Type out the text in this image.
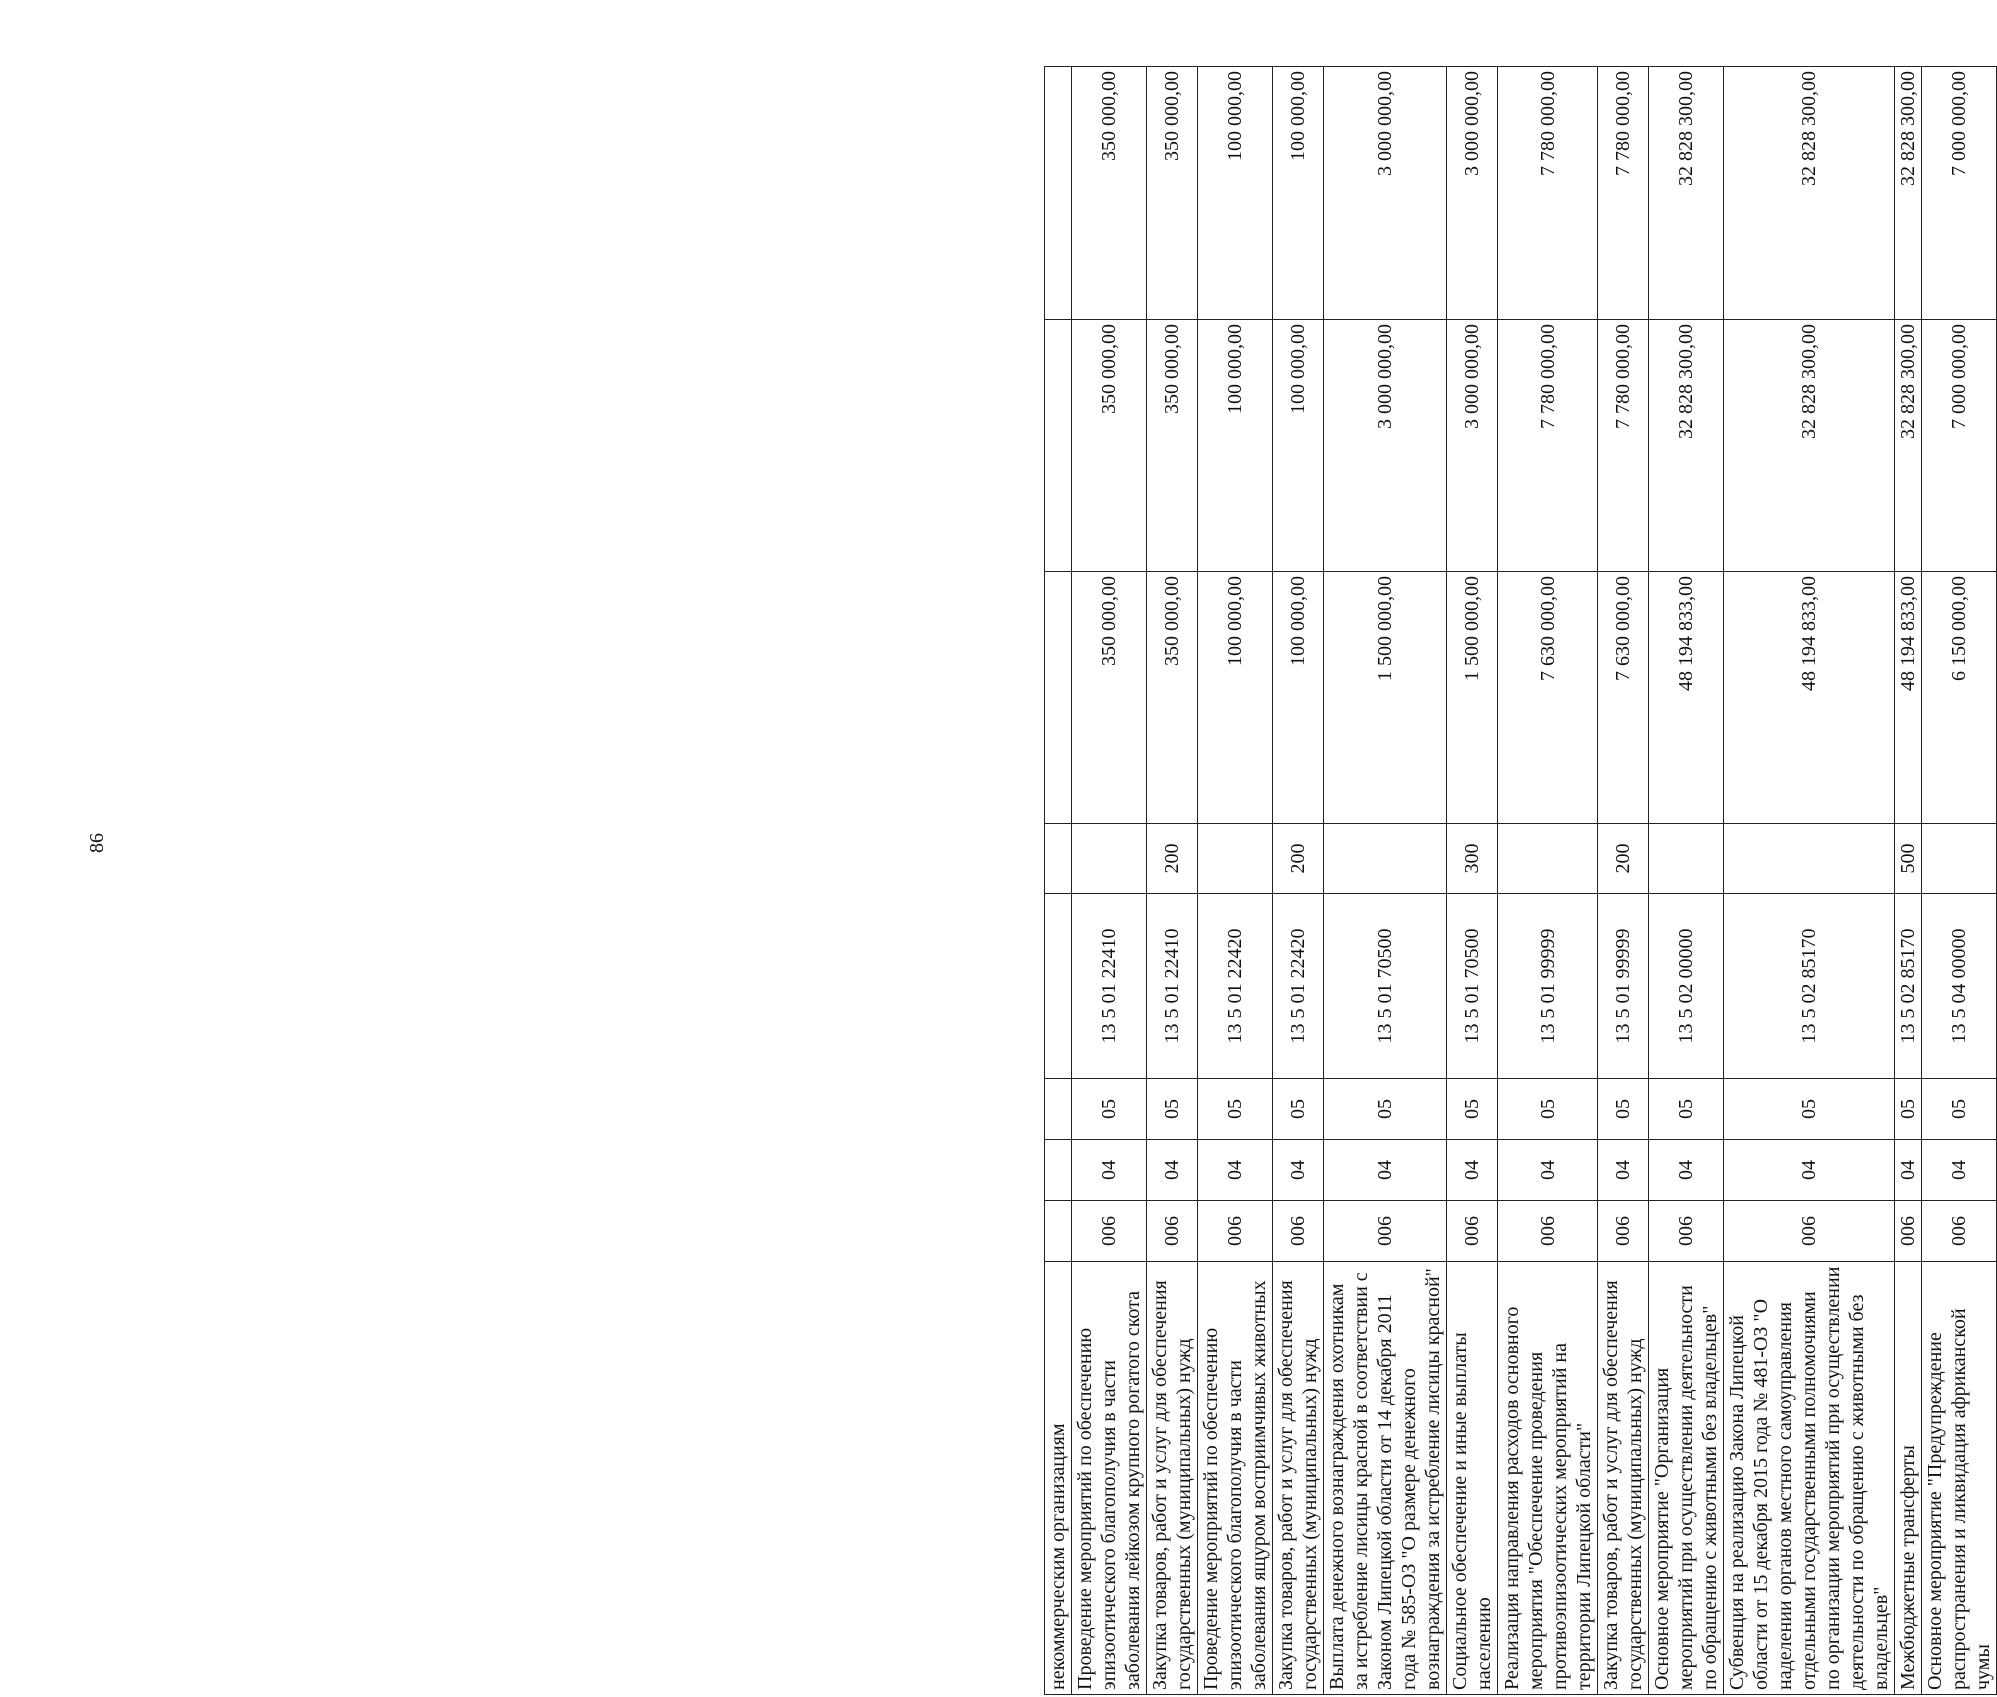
86
некоммерческим организациям								
Проведение мероприятий по обеспечению эпизоотического благополучия в части заболевания лейкозом крупного рогатого скота	006	04	05	13 5 01 22410		350 000,00	350 000,00	350 000,00
Закупка товаров, работ и услуг для обеспечения государственных (муниципальных) нужд	006	04	05	13 5 01 22410	200	350 000,00	350 000,00	350 000,00
Проведение мероприятий по обеспечению эпизоотического благополучия в части заболевания ящуром восприимчивых животных	006	04	05	13 5 01 22420		100 000,00	100 000,00	100 000,00
Закупка товаров, работ и услуг для обеспечения государственных (муниципальных) нужд	006	04	05	13 5 01 22420	200	100 000,00	100 000,00	100 000,00
Выплата денежного вознаграждения охотникам за истребление лисицы красной в соответствии с Законом Липецкой области от 14 декабря 2011 года № 585-ОЗ "О размере денежного вознаграждения за истребление лисицы красной"	006	04	05	13 5 01 70500		1 500 000,00	3 000 000,00	3 000 000,00
Социальное обеспечение и иные выплаты населению	006	04	05	13 5 01 70500	300	1 500 000,00	3 000 000,00	3 000 000,00
Реализация направления расходов основного мероприятия "Обеспечение проведения противоэпизоотических мероприятий на территории Липецкой области"	006	04	05	13 5 01 99999		7 630 000,00	7 780 000,00	7 780 000,00
Закупка товаров, работ и услуг для обеспечения государственных (муниципальных) нужд	006	04	05	13 5 01 99999	200	7 630 000,00	7 780 000,00	7 780 000,00
Основное мероприятие "Организация мероприятий при осуществлении деятельности по обращению с животными без владельцев"	006	04	05	13 5 02 00000		48 194 833,00	32 828 300,00	32 828 300,00
Субвенция на реализацию Закона Липецкой области от 15 декабря 2015 года № 481-ОЗ "О наделении органов местного самоуправления отдельными государственными полномочиями по организации мероприятий при осуществлении деятельности по обращению с животными без владельцев"	006	04	05	13 5 02 85170		48 194 833,00	32 828 300,00	32 828 300,00
Межбюджетные трансферты	006	04	05	13 5 02 85170	500	48 194 833,00	32 828 300,00	32 828 300,00
Основное мероприятие "Предупреждение распространения и ликвидация африканской чумы	006	04	05	13 5 04 00000		6 150 000,00	7 000 000,00	7 000 000,00
